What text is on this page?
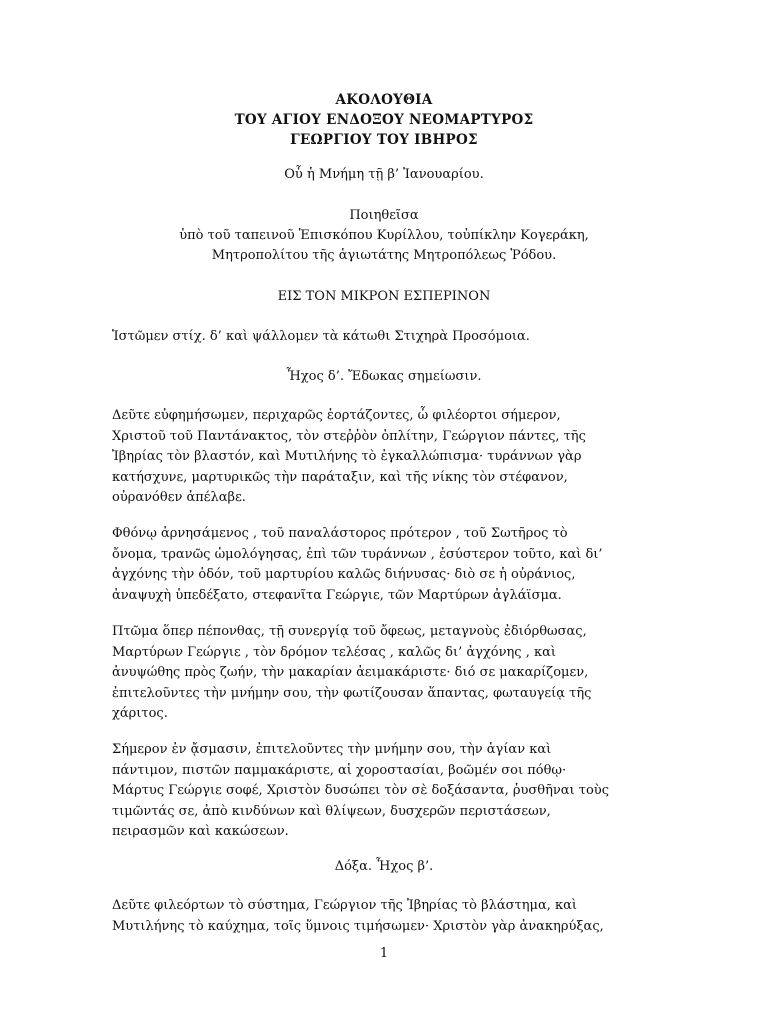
ΑΚΟΛΟΥΘΙΑ
ΤΟΥ ΑΓΙΟΥ ΕΝΔΟΞΟΥ ΝΕΟΜΑΡΤΥΡΟΣ
ΓΕΩΡΓΙΟΥ ΤΟΥ ΙΒΗΡΟΣ
Οὗ ἡ Μνήμη τῇ β’ Ἰανουαρίου.
Ποιηθεῖσα
ὑπὸ τοῦ ταπεινοῦ Ἐπισκόπου Κυρίλλου, τοὐπίκλην Κογεράκη,
Μητροπολίτου τῆς ἁγιωτάτης Μητροπόλεως Ῥόδου.
ΕΙΣ ΤΟΝ ΜΙΚΡΟΝ ΕΣΠΕΡΙΝΟΝ
Ἱστῶμεν στίχ. δ’ καὶ ψάλλομεν τὰ κάτωθι Στιχηρὰ Προσόμοια.
Ἦχος δ’. Ἔδωκας σημείωσιν.
Δεῦτε εὐφημήσωμεν, περιχαρῶς ἑορτάζοντες, ὦ φιλέορτοι σήμερον,
Χριστοῦ τοῦ Παντάνακτος, τὸν στεῤῥὸν ὁπλίτην, Γεώργιον πάντες, τῆς
Ἰβηρίας τὸν βλαστόν, καὶ Μυτιλήνης τὸ ἐγκαλλώπισμα· τυράννων γὰρ
κατήσχυνε, μαρτυρικῶς τὴν παράταξιν, καὶ τῆς νίκης τὸν στέφανον,
οὐρανόθεν ἀπέλαβε.
Φθόνῳ ἀρνησάμενος , τοῦ παναλάστορος πρότερον , τοῦ Σωτῆρος τὸ
ὄνομα, τρανῶς ὡμολόγησας, ἐπὶ τῶν τυράννων , ἐσύστερον τοῦτο, καὶ δι’
ἀγχόνης τὴν ὁδόν, τοῦ μαρτυρίου καλῶς διήνυσας· διὸ σε ἡ οὐράνιος,
ἀναψυχὴ ὑπεδέξατο, στεφανῖτα Γεώργιε, τῶν Μαρτύρων ἀγλάϊσμα.
Πτῶμα ὅπερ πέπονθας, τῇ συνεργίᾳ τοῦ ὄφεως, μεταγνοὺς ἐδιόρθωσας,
Μαρτύρων Γεώργιε , τὸν δρόμον τελέσας , καλῶς δι’ ἀγχόνης , καὶ
ἀνυψώθης πρὸς ζωήν, τὴν μακαρίαν ἀειμακάριστε· διό σε μακαρίζομεν,
ἐπιτελοῦντες τὴν μνήμην σου, τὴν φωτίζουσαν ἅπαντας, φωταυγείᾳ τῆς
χάριτος.
Σήμερον ἐν ᾄσμασιν, ἐπιτελοῦντες τὴν μνήμην σου, τὴν ἁγίαν καὶ
πάντιμον, πιστῶν παμμακάριστε, αἱ χοροστασίαι, βοῶμέν σοι πόθῳ·
Μάρτυς Γεώργιε σοφέ, Χριστὸν δυσώπει τὸν σὲ δοξάσαντα, ῥυσθῆναι τοὺς
τιμῶντάς σε, ἀπὸ κινδύνων καὶ θλίψεων, δυσχερῶν περιστάσεων,
πειρασμῶν καὶ κακώσεων.
Δόξα. Ἦχος β’.
Δεῦτε φιλεόρτων τὸ σύστημα, Γεώργιον τῆς Ἰβηρίας τὸ βλάστημα, καὶ
Μυτιλήνης τὸ καύχημα, τοῖς ὕμνοις τιμήσωμεν· Χριστὸν γὰρ ἀνακηρύξας,
1
